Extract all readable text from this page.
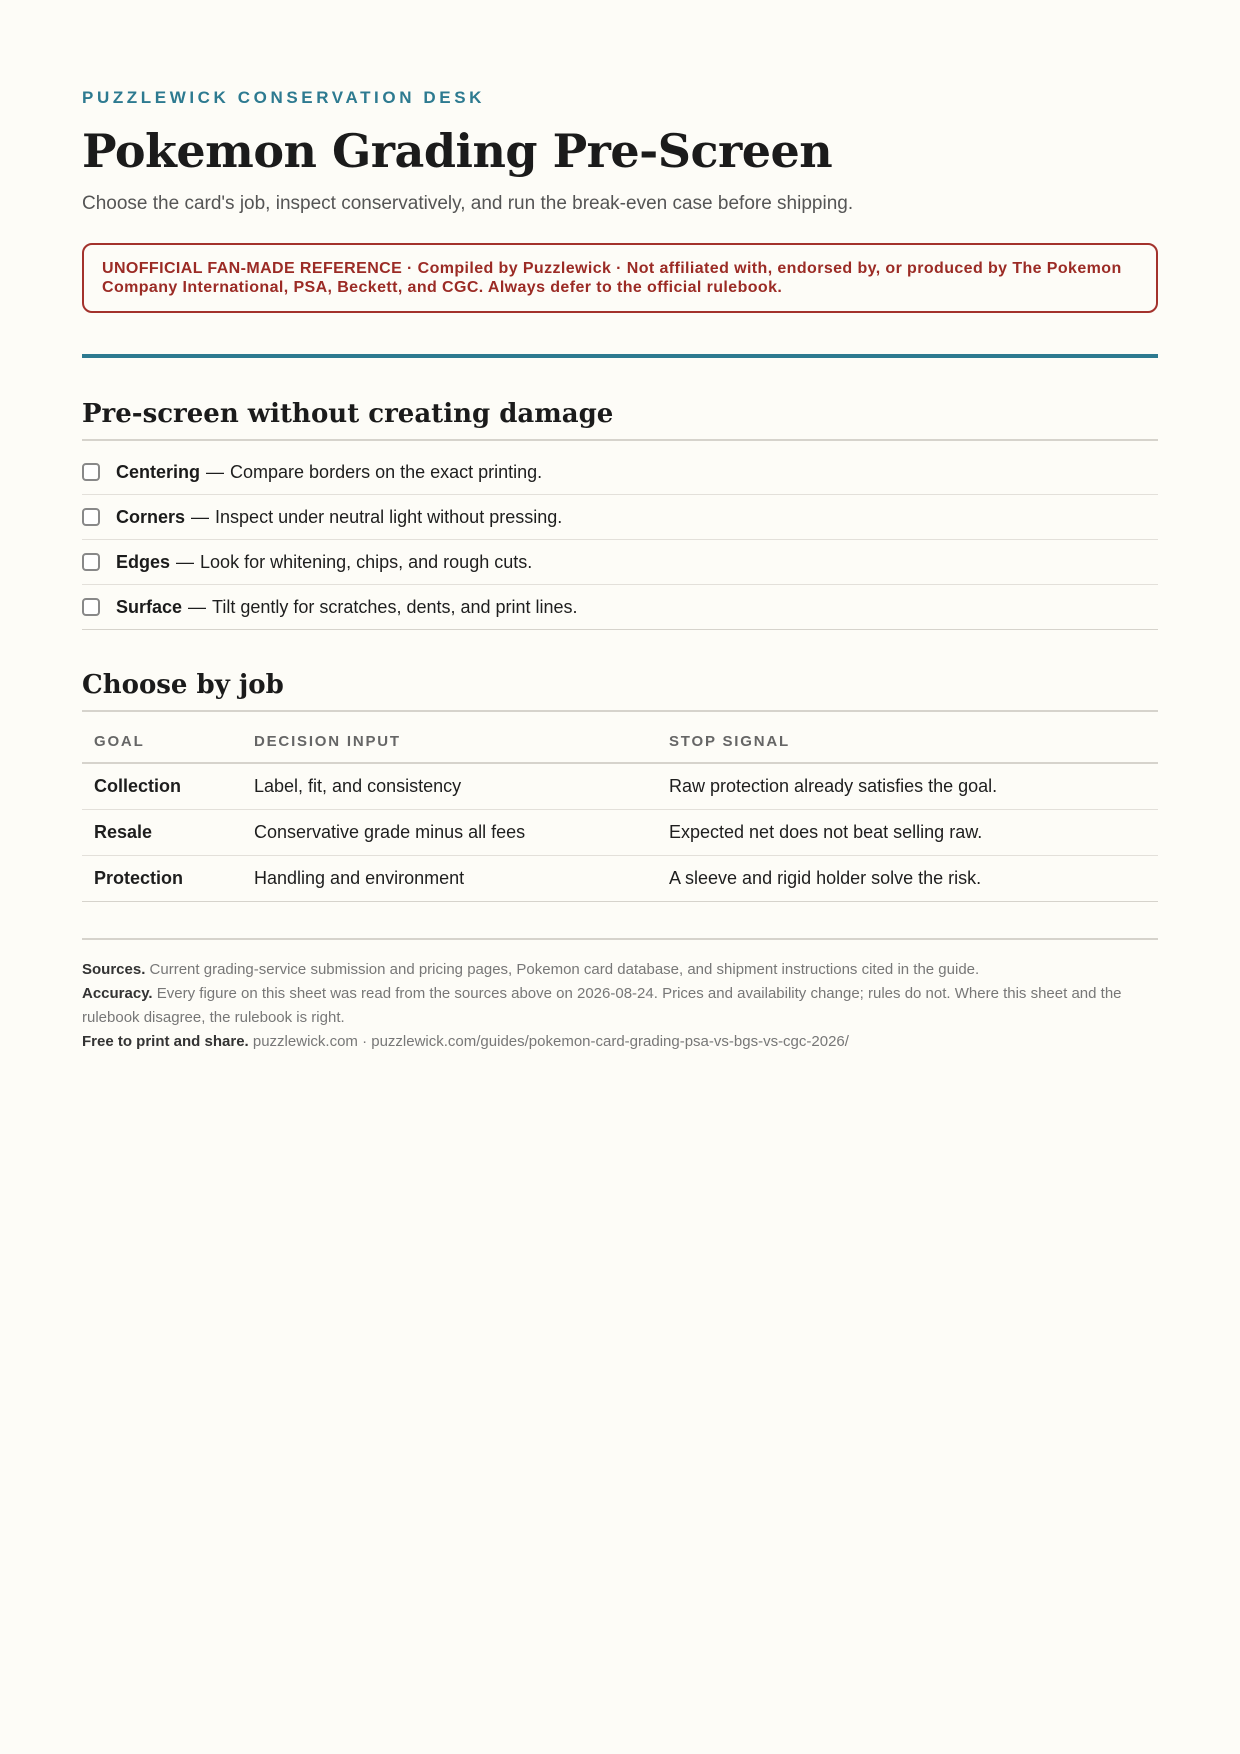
PUZZLEWICK CONSERVATION DESK

Pokemon Grading Pre-Screen

Choose the card's job, inspect conservatively, and run the break-even case before shipping.

UNOFFICIAL FAN-MADE REFERENCE · Compiled by Puzzlewick · Not affiliated with, endorsed by, or produced by The Pokemon Company International, PSA, Beckett, and CGC. Always defer to the official rulebook.
Pre-screen without creating damage
Centering — Compare borders on the exact printing.
Corners — Inspect under neutral light without pressing.
Edges — Look for whitening, chips, and rough cuts.
Surface — Tilt gently for scratches, dents, and print lines.
Choose by job
GOAL	DECISION INPUT	STOP SIGNAL
Collection	Label, fit, and consistency	Raw protection already satisfies the goal.
Resale	Conservative grade minus all fees	Expected net does not beat selling raw.
Protection	Handling and environment	A sleeve and rigid holder solve the risk.

Sources. Current grading-service submission and pricing pages, Pokemon card database, and shipment instructions cited in the guide.

Accuracy. Every figure on this sheet was read from the sources above on 2026-08-24. Prices and availability change; rules do not. Where this sheet and the rulebook disagree, the rulebook is right.

Free to print and share. puzzlewick.com · puzzlewick.com/guides/pokemon-card-grading-psa-vs-bgs-vs-cgc-2026/
